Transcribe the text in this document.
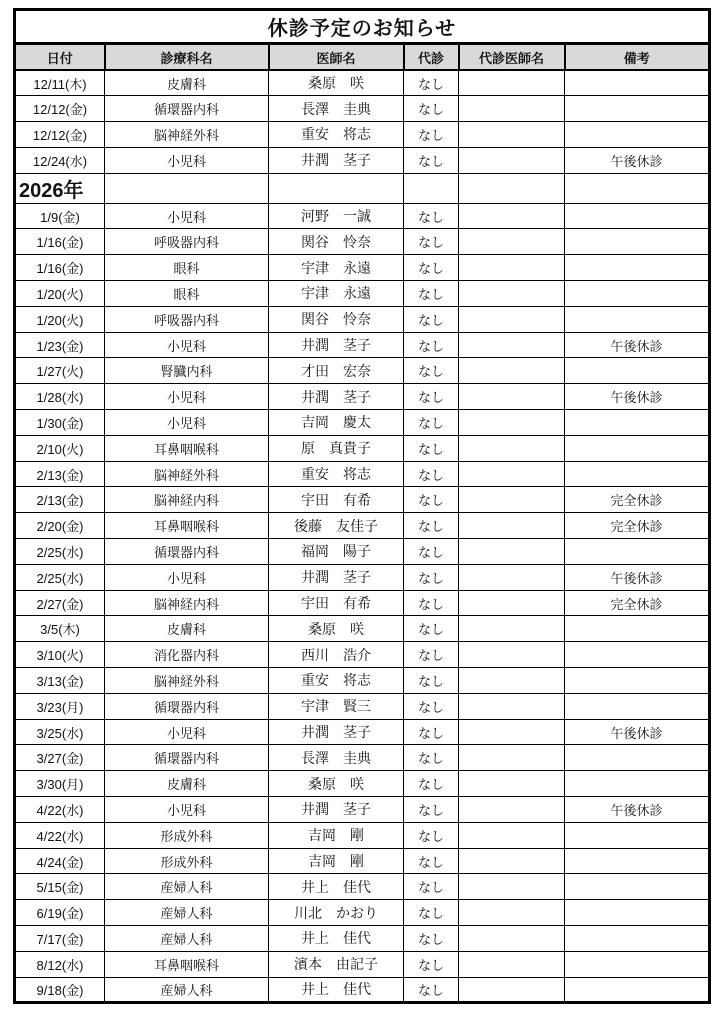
休診予定のお知らせ					
日付	診療科名	医師名	代診	代診医師名	備考
12/11(木)	皮膚科	桑原　咲	なし		
12/12(金)	循環器内科	長澤　圭典	なし		
12/12(金)	脳神経外科	重安　将志	なし		
12/24(水)	小児科	井潤　茎子	なし		午後休診
2026年					
1/9(金)	小児科	河野　一誠	なし		
1/16(金)	呼吸器内科	関谷　怜奈	なし		
1/16(金)	眼科	宇津　永遠	なし		
1/20(火)	眼科	宇津　永遠	なし		
1/20(火)	呼吸器内科	関谷　怜奈	なし		
1/23(金)	小児科	井潤　茎子	なし		午後休診
1/27(火)	腎臓内科	才田　宏奈	なし		
1/28(水)	小児科	井潤　茎子	なし		午後休診
1/30(金)	小児科	吉岡　慶太	なし		
2/10(火)	耳鼻咽喉科	原　真貴子	なし		
2/13(金)	脳神経外科	重安　将志	なし		
2/13(金)	脳神経内科	宇田　有希	なし		完全休診
2/20(金)	耳鼻咽喉科	後藤　友佳子	なし		完全休診
2/25(水)	循環器内科	福岡　陽子	なし		
2/25(水)	小児科	井潤　茎子	なし		午後休診
2/27(金)	脳神経内科	宇田　有希	なし		完全休診
3/5(木)	皮膚科	桑原　咲	なし		
3/10(火)	消化器内科	西川　浩介	なし		
3/13(金)	脳神経外科	重安　将志	なし		
3/23(月)	循環器内科	宇津　賢三	なし		
3/25(水)	小児科	井潤　茎子	なし		午後休診
3/27(金)	循環器内科	長澤　圭典	なし		
3/30(月)	皮膚科	桑原　咲	なし		
4/22(水)	小児科	井潤　茎子	なし		午後休診
4/22(水)	形成外科	吉岡　剛	なし		
4/24(金)	形成外科	吉岡　剛	なし		
5/15(金)	産婦人科	井上　佳代	なし		
6/19(金)	産婦人科	川北　かおり	なし		
7/17(金)	産婦人科	井上　佳代	なし		
8/12(水)	耳鼻咽喉科	濱本　由記子	なし		
9/18(金)	産婦人科	井上　佳代	なし		
